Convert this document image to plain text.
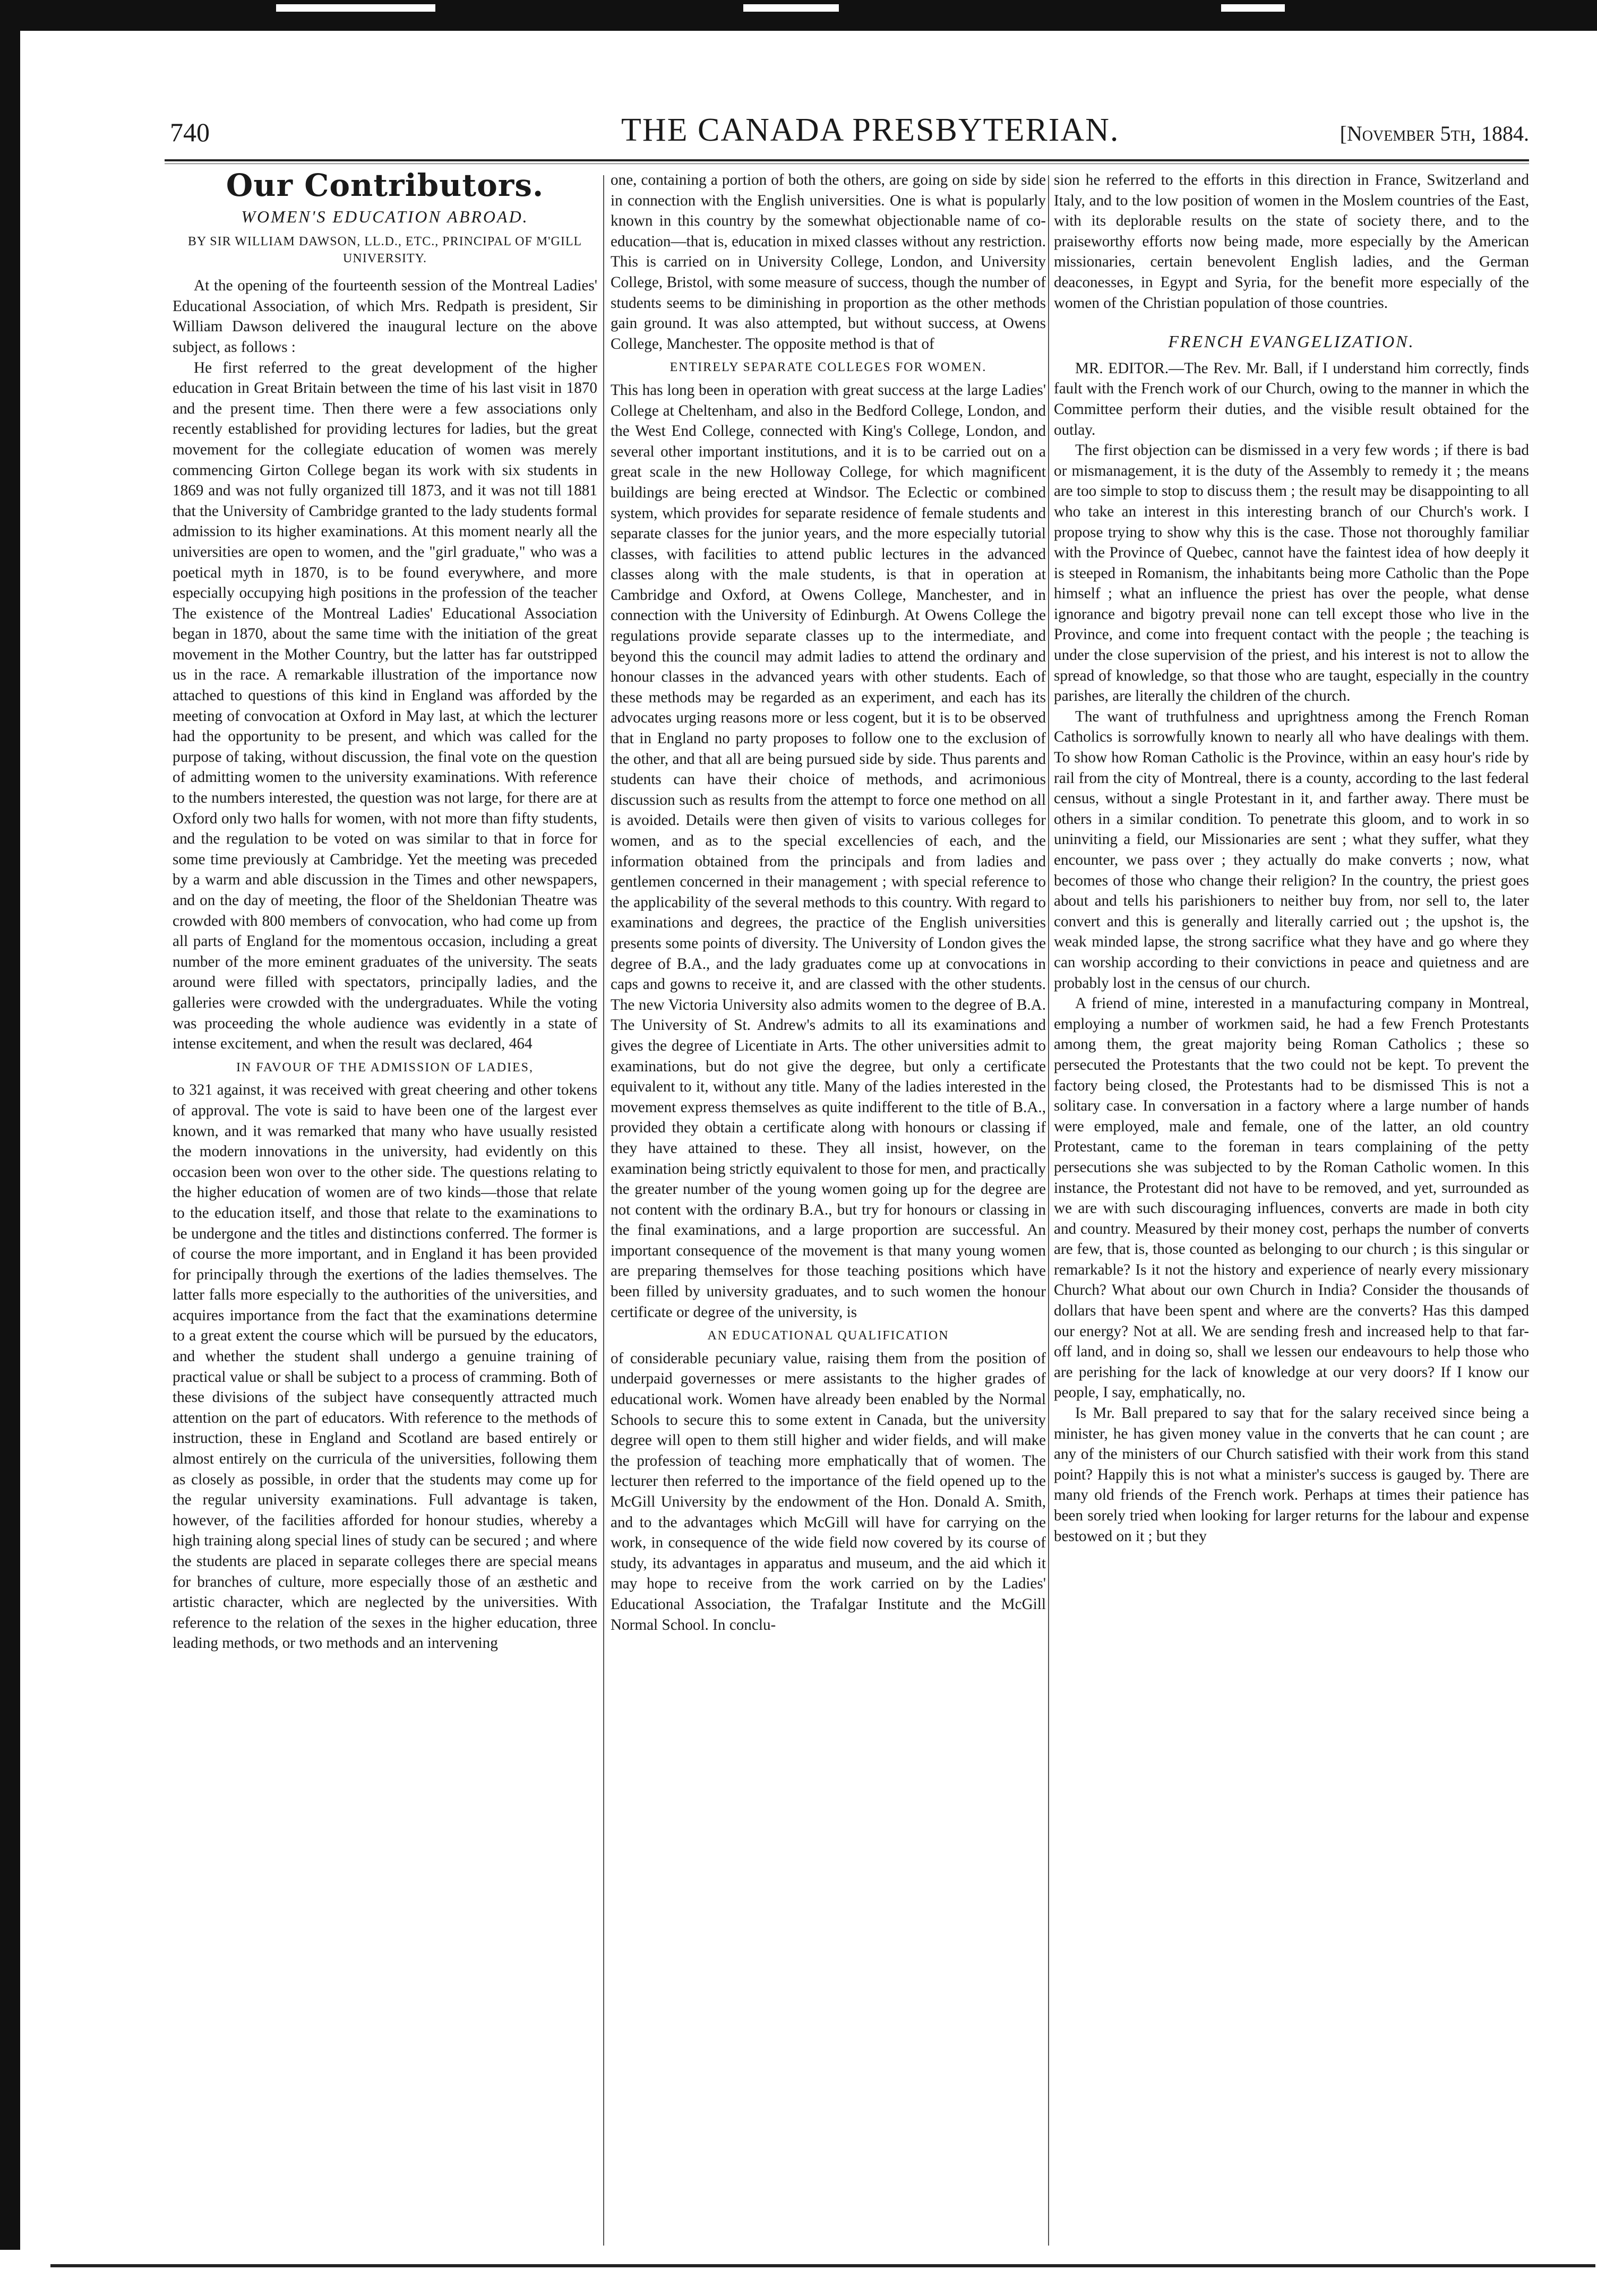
740	THE CANADA PRESBYTERIAN.	[November 5th, 1884.
Our Contributors.
WOMEN'S EDUCATION ABROAD.
BY SIR WILLIAM DAWSON, LL.D., ETC., PRINCIPAL OF M'GILL UNIVERSITY.

At the opening of the fourteenth session of the Montreal Ladies' Educational Association, of which Mrs. Redpath is president, Sir William Dawson delivered the inaugural lecture on the above subject, as follows :

He first referred to the great development of the higher education in Great Britain between the time of his last visit in 1870 and the present time. Then there were a few associations only recently established for providing lectures for ladies, but the great movement for the collegiate education of women was merely commencing Girton College began its work with six students in 1869 and was not fully organized till 1873, and it was not till 1881 that the University of Cambridge granted to the lady students formal admission to its higher examinations. At this moment nearly all the universities are open to women, and the "girl graduate," who was a poetical myth in 1870, is to be found everywhere, and more especially occupying high positions in the profession of the teacher The existence of the Montreal Ladies' Educational Association began in 1870, about the same time with the initiation of the great movement in the Mother Country, but the latter has far outstripped us in the race. A remarkable illustration of the importance now attached to questions of this kind in England was afforded by the meeting of convocation at Oxford in May last, at which the lecturer had the opportunity to be present, and which was called for the purpose of taking, without discussion, the final vote on the question of admitting women to the university examinations. With reference to the numbers interested, the question was not large, for there are at Oxford only two halls for women, with not more than fifty students, and the regulation to be voted on was similar to that in force for some time previously at Cambridge. Yet the meeting was preceded by a warm and able discussion in the Times and other newspapers, and on the day of meeting, the floor of the Sheldonian Theatre was crowded with 800 members of convocation, who had come up from all parts of England for the momentous occasion, including a great number of the more eminent graduates of the university. The seats around were filled with spectators, principally ladies, and the galleries were crowded with the undergraduates. While the voting was proceeding the whole audience was evidently in a state of intense excitement, and when the result was declared, 464

IN FAVOUR OF THE ADMISSION OF LADIES,

to 321 against, it was received with great cheering and other tokens of approval. The vote is said to have been one of the largest ever known, and it was remarked that many who have usually resisted the modern innovations in the university, had evidently on this occasion been won over to the other side. The questions relating to the higher education of women are of two kinds—those that relate to the education itself, and those that relate to the examinations to be undergone and the titles and distinctions conferred. The former is of course the more important, and in England it has been provided for principally through the exertions of the ladies themselves. The latter falls more especially to the authorities of the universities, and acquires importance from the fact that the examinations determine to a great extent the course which will be pursued by the educators, and whether the student shall undergo a genuine training of practical value or shall be subject to a process of cramming. Both of these divisions of the subject have consequently attracted much attention on the part of educators. With reference to the methods of instruction, these in England and Scotland are based entirely or almost entirely on the curricula of the universities, following them as closely as possible, in order that the students may come up for the regular university examinations. Full advantage is taken, however, of the facilities afforded for honour studies, whereby a high training along special lines of study can be secured ; and where the students are placed in separate colleges there are special means for branches of culture, more especially those of an æsthetic and artistic character, which are neglected by the universities. With reference to the relation of the sexes in the higher education, three leading methods, or two methods and an intervening

one, containing a portion of both the others, are going on side by side in connection with the English universities. One is what is popularly known in this country by the somewhat objectionable name of co-education—that is, education in mixed classes without any restriction. This is carried on in University College, London, and University College, Bristol, with some measure of success, though the number of students seems to be diminishing in proportion as the other methods gain ground. It was also attempted, but without success, at Owens College, Manchester. The opposite method is that of

ENTIRELY SEPARATE COLLEGES FOR WOMEN.

This has long been in operation with great success at the large Ladies' College at Cheltenham, and also in the Bedford College, London, and the West End College, connected with King's College, London, and several other important institutions, and it is to be carried out on a great scale in the new Holloway College, for which magnificent buildings are being erected at Windsor. The Eclectic or combined system, which provides for separate residence of female students and separate classes for the junior years, and the more especially tutorial classes, with facilities to attend public lectures in the advanced classes along with the male students, is that in operation at Cambridge and Oxford, at Owens College, Manchester, and in connection with the University of Edinburgh. At Owens College the regulations provide separate classes up to the intermediate, and beyond this the council may admit ladies to attend the ordinary and honour classes in the advanced years with other students. Each of these methods may be regarded as an experiment, and each has its advocates urging reasons more or less cogent, but it is to be observed that in England no party proposes to follow one to the exclusion of the other, and that all are being pursued side by side. Thus parents and students can have their choice of methods, and acrimonious discussion such as results from the attempt to force one method on all is avoided. Details were then given of visits to various colleges for women, and as to the special excellencies of each, and the information obtained from the principals and from ladies and gentlemen concerned in their management ; with special reference to the applicability of the several methods to this country. With regard to examinations and degrees, the practice of the English universities presents some points of diversity. The University of London gives the degree of B.A., and the lady graduates come up at convocations in caps and gowns to receive it, and are classed with the other students. The new Victoria University also admits women to the degree of B.A. The University of St. Andrew's admits to all its examinations and gives the degree of Licentiate in Arts. The other universities admit to examinations, but do not give the degree, but only a certificate equivalent to it, without any title. Many of the ladies interested in the movement express themselves as quite indifferent to the title of B.A., provided they obtain a certificate along with honours or classing if they have attained to these. They all insist, however, on the examination being strictly equivalent to those for men, and practically the greater number of the young women going up for the degree are not content with the ordinary B.A., but try for honours or classing in the final examinations, and a large proportion are successful. An important consequence of the movement is that many young women are preparing themselves for those teaching positions which have been filled by university graduates, and to such women the honour certificate or degree of the university, is

AN EDUCATIONAL QUALIFICATION

of considerable pecuniary value, raising them from the position of underpaid governesses or mere assistants to the higher grades of educational work. Women have already been enabled by the Normal Schools to secure this to some extent in Canada, but the university degree will open to them still higher and wider fields, and will make the profession of teaching more emphatically that of women. The lecturer then referred to the importance of the field opened up to the McGill University by the endowment of the Hon. Donald A. Smith, and to the advantages which McGill will have for carrying on the work, in consequence of the wide field now covered by its course of study, its advantages in apparatus and museum, and the aid which it may hope to receive from the work carried on by the Ladies' Educational Association, the Trafalgar Institute and the McGill Normal School. In conclu-

sion he referred to the efforts in this direction in France, Switzerland and Italy, and to the low position of women in the Moslem countries of the East, with its deplorable results on the state of society there, and to the praiseworthy efforts now being made, more especially by the American missionaries, certain benevolent English ladies, and the German deaconesses, in Egypt and Syria, for the benefit more especially of the women of the Christian population of those countries.

FRENCH EVANGELIZATION.

MR. EDITOR.—The Rev. Mr. Ball, if I understand him correctly, finds fault with the French work of our Church, owing to the manner in which the Committee perform their duties, and the visible result obtained for the outlay.

The first objection can be dismissed in a very few words ; if there is bad or mismanagement, it is the duty of the Assembly to remedy it ; the means are too simple to stop to discuss them ; the result may be disappointing to all who take an interest in this interesting branch of our Church's work. I propose trying to show why this is the case. Those not thoroughly familiar with the Province of Quebec, cannot have the faintest idea of how deeply it is steeped in Romanism, the inhabitants being more Catholic than the Pope himself ; what an influence the priest has over the people, what dense ignorance and bigotry prevail none can tell except those who live in the Province, and come into frequent contact with the people ; the teaching is under the close supervision of the priest, and his interest is not to allow the spread of knowledge, so that those who are taught, especially in the country parishes, are literally the children of the church.

The want of truthfulness and uprightness among the French Roman Catholics is sorrowfully known to nearly all who have dealings with them. To show how Roman Catholic is the Province, within an easy hour's ride by rail from the city of Montreal, there is a county, according to the last federal census, without a single Protestant in it, and farther away. There must be others in a similar condition. To penetrate this gloom, and to work in so uninviting a field, our Missionaries are sent ; what they suffer, what they encounter, we pass over ; they actually do make converts ; now, what becomes of those who change their religion? In the country, the priest goes about and tells his parishioners to neither buy from, nor sell to, the later convert and this is generally and literally carried out ; the upshot is, the weak minded lapse, the strong sacrifice what they have and go where they can worship according to their convictions in peace and quietness and are probably lost in the census of our church.

A friend of mine, interested in a manufacturing company in Montreal, employing a number of workmen said, he had a few French Protestants among them, the great majority being Roman Catholics ; these so persecuted the Protestants that the two could not be kept. To prevent the factory being closed, the Protestants had to be dismissed This is not a solitary case. In conversation in a factory where a large number of hands were employed, male and female, one of the latter, an old country Protestant, came to the foreman in tears complaining of the petty persecutions she was subjected to by the Roman Catholic women. In this instance, the Protestant did not have to be removed, and yet, surrounded as we are with such discouraging influences, converts are made in both city and country. Measured by their money cost, perhaps the number of converts are few, that is, those counted as belonging to our church ; is this singular or remarkable? Is it not the history and experience of nearly every missionary Church? What about our own Church in India? Consider the thousands of dollars that have been spent and where are the converts? Has this damped our energy? Not at all. We are sending fresh and increased help to that far-off land, and in doing so, shall we lessen our endeavours to help those who are perishing for the lack of knowledge at our very doors? If I know our people, I say, emphatically, no.

Is Mr. Ball prepared to say that for the salary received since being a minister, he has given money value in the converts that he can count ; are any of the ministers of our Church satisfied with their work from this stand point? Happily this is not what a minister's success is gauged by. There are many old friends of the French work. Perhaps at times their patience has been sorely tried when looking for larger returns for the labour and expense bestowed on it ; but they
